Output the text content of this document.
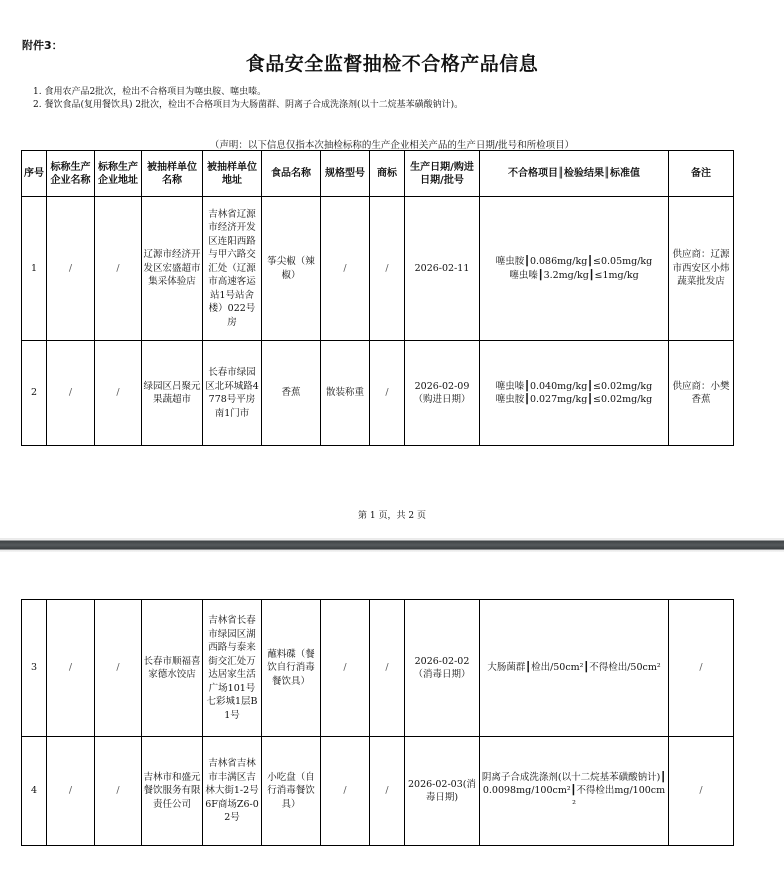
附件3：
食品安全监督抽检不合格产品信息
1. 食用农产品2批次，检出不合格项目为噻虫胺、噻虫嗪。
2. 餐饮食品(复用餐饮具) 2批次，检出不合格项目为大肠菌群、阴离子合成洗涤剂(以十二烷基苯磺酸钠计)。
（声明：以下信息仅指本次抽检标称的生产企业相关产品的生产日期/批号和所检项目）
序号	标称生产企业名称	标称生产企业地址	被抽样单位名称	被抽样单位地址	食品名称	规格型号	商标	生产日期/购进日期/批号	不合格项目║检验结果║标准值	备注
1	/	/	辽源市经济开发区宏盛超市集采体验店	吉林省辽源市经济开发区连阳西路与甲六路交汇处（辽源市高速客运站1号站舍楼）022号房	筝尖椒（辣椒）	/	/	2026-02-11	噻虫胺┃0.086mg/kg┃≤0.05mg/kg
噻虫嗪┃3.2mg/kg┃≤1mg/kg	供应商：辽源市西安区小炜蔬菜批发店
2	/	/	绿园区吕聚元果蔬超市	长春市绿园区北环城路4778号平房南1门市	香蕉	散装称重	/	2026-02-09（购进日期）	噻虫嗪┃0.040mg/kg┃≤0.02mg/kg
噻虫胺┃0.027mg/kg┃≤0.02mg/kg	供应商：小樊香蕉
第 1 页，共 2 页
3	/	/	长春市顺福喜家德水饺店	吉林省长春市绿园区湖西路与泰来街交汇处万达居家生活广场101号七彩城1层B1号	蘸料碟（餐饮自行消毒餐饮具）	/	/	2026-02-02（消毒日期）	大肠菌群┃检出/50cm²┃不得检出/50cm²	/
4	/	/	吉林市和盛元餐饮服务有限责任公司	吉林省吉林市丰满区吉林大街1-2号6F商场Z6-02号	小吃盘（自行消毒餐饮具）	/	/	2026-02-03(消毒日期)	阴离子合成洗涤剂(以十二烷基苯磺酸钠计)┃0.0098mg/100cm²┃不得检出mg/100cm²	/
